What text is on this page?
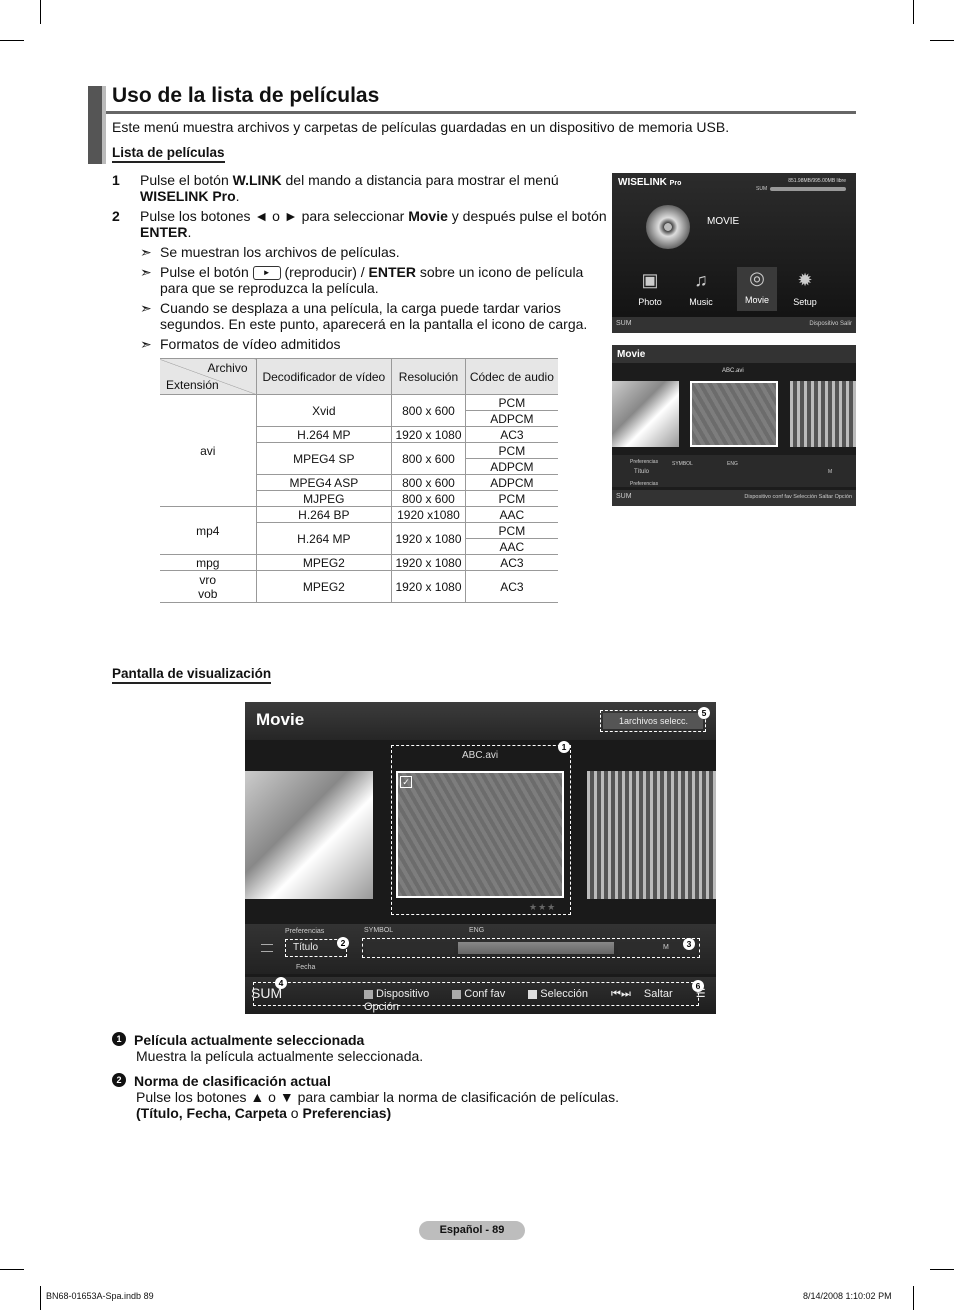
Uso de la lista de películas

Este menú muestra archivos y carpetas de películas guardadas en un dispositivo de memoria USB.

Lista de películas
1	Pulse el botón W.LINK del mando a distancia para mostrar el menú WISELINK Pro.
2	Pulse los botones ◄ o ► para seleccionar Movie y después pulse el botón ENTER.
➣ Se muestran los archivos de películas.
➣ Pulse el botón ► (reproducir) / ENTER sobre un icono de película para que se reproduzca la película.
➣ Cuando se desplaza a una película, la carga puede tardar varios segundos. En este punto, aparecerá en la pantalla el icono de carga.
➣ Formatos de vídeo admitidos
Archivo
Extensión	Decodificador de vídeo	Resolución	Códec de audio
avi	Xvid	800 x 600	PCM
			ADPCM
	H.264 MP	1920 x 1080	AC3
	MPEG4 SP	800 x 600	PCM
			ADPCM
	MPEG4 ASP	800 x 600	ADPCM
	MJPEG	800 x 600	PCM
mp4	H.264 BP	1920 x1080	AAC
	H.264 MP	1920 x 1080	PCM
			AAC
mpg	MPEG2	1920 x 1080	AC3
vro
vob	MPEG2	1920 x 1080	AC3
WISELINK Pro	851.98MB/995.00MB libre
SUM
MOVIE
▣
Photo
♫
Music
◎
Movie
✹
Setup
SUM	Dispositivo Salir
Movie
ABC.avi
Preferencias
Título
Preferencias
SYMBOL	ENG
M
SUM	Dispositivo conf fav Selección Saltar Opción
Pantalla de visualización
Movie	1archivos selecc.
5
1
ABC.avi
✓
★★★
Preferencias
Título	2
Fecha
SYMBOL	ENG
M	3
4	6
SUM	Dispositivo	Conf fav	Selección ⏮⏭ Saltar ☰ Opción
1 Película actualmente seleccionada
Muestra la película actualmente seleccionada.
2 Norma de clasificación actual
Pulse los botones ▲ o ▼ para cambiar la norma de clasificación de películas.
(Título, Fecha, Carpeta o Preferencias)
Español - 89
BN68-01653A-Spa.indb 89	8/14/2008 1:10:02 PM
